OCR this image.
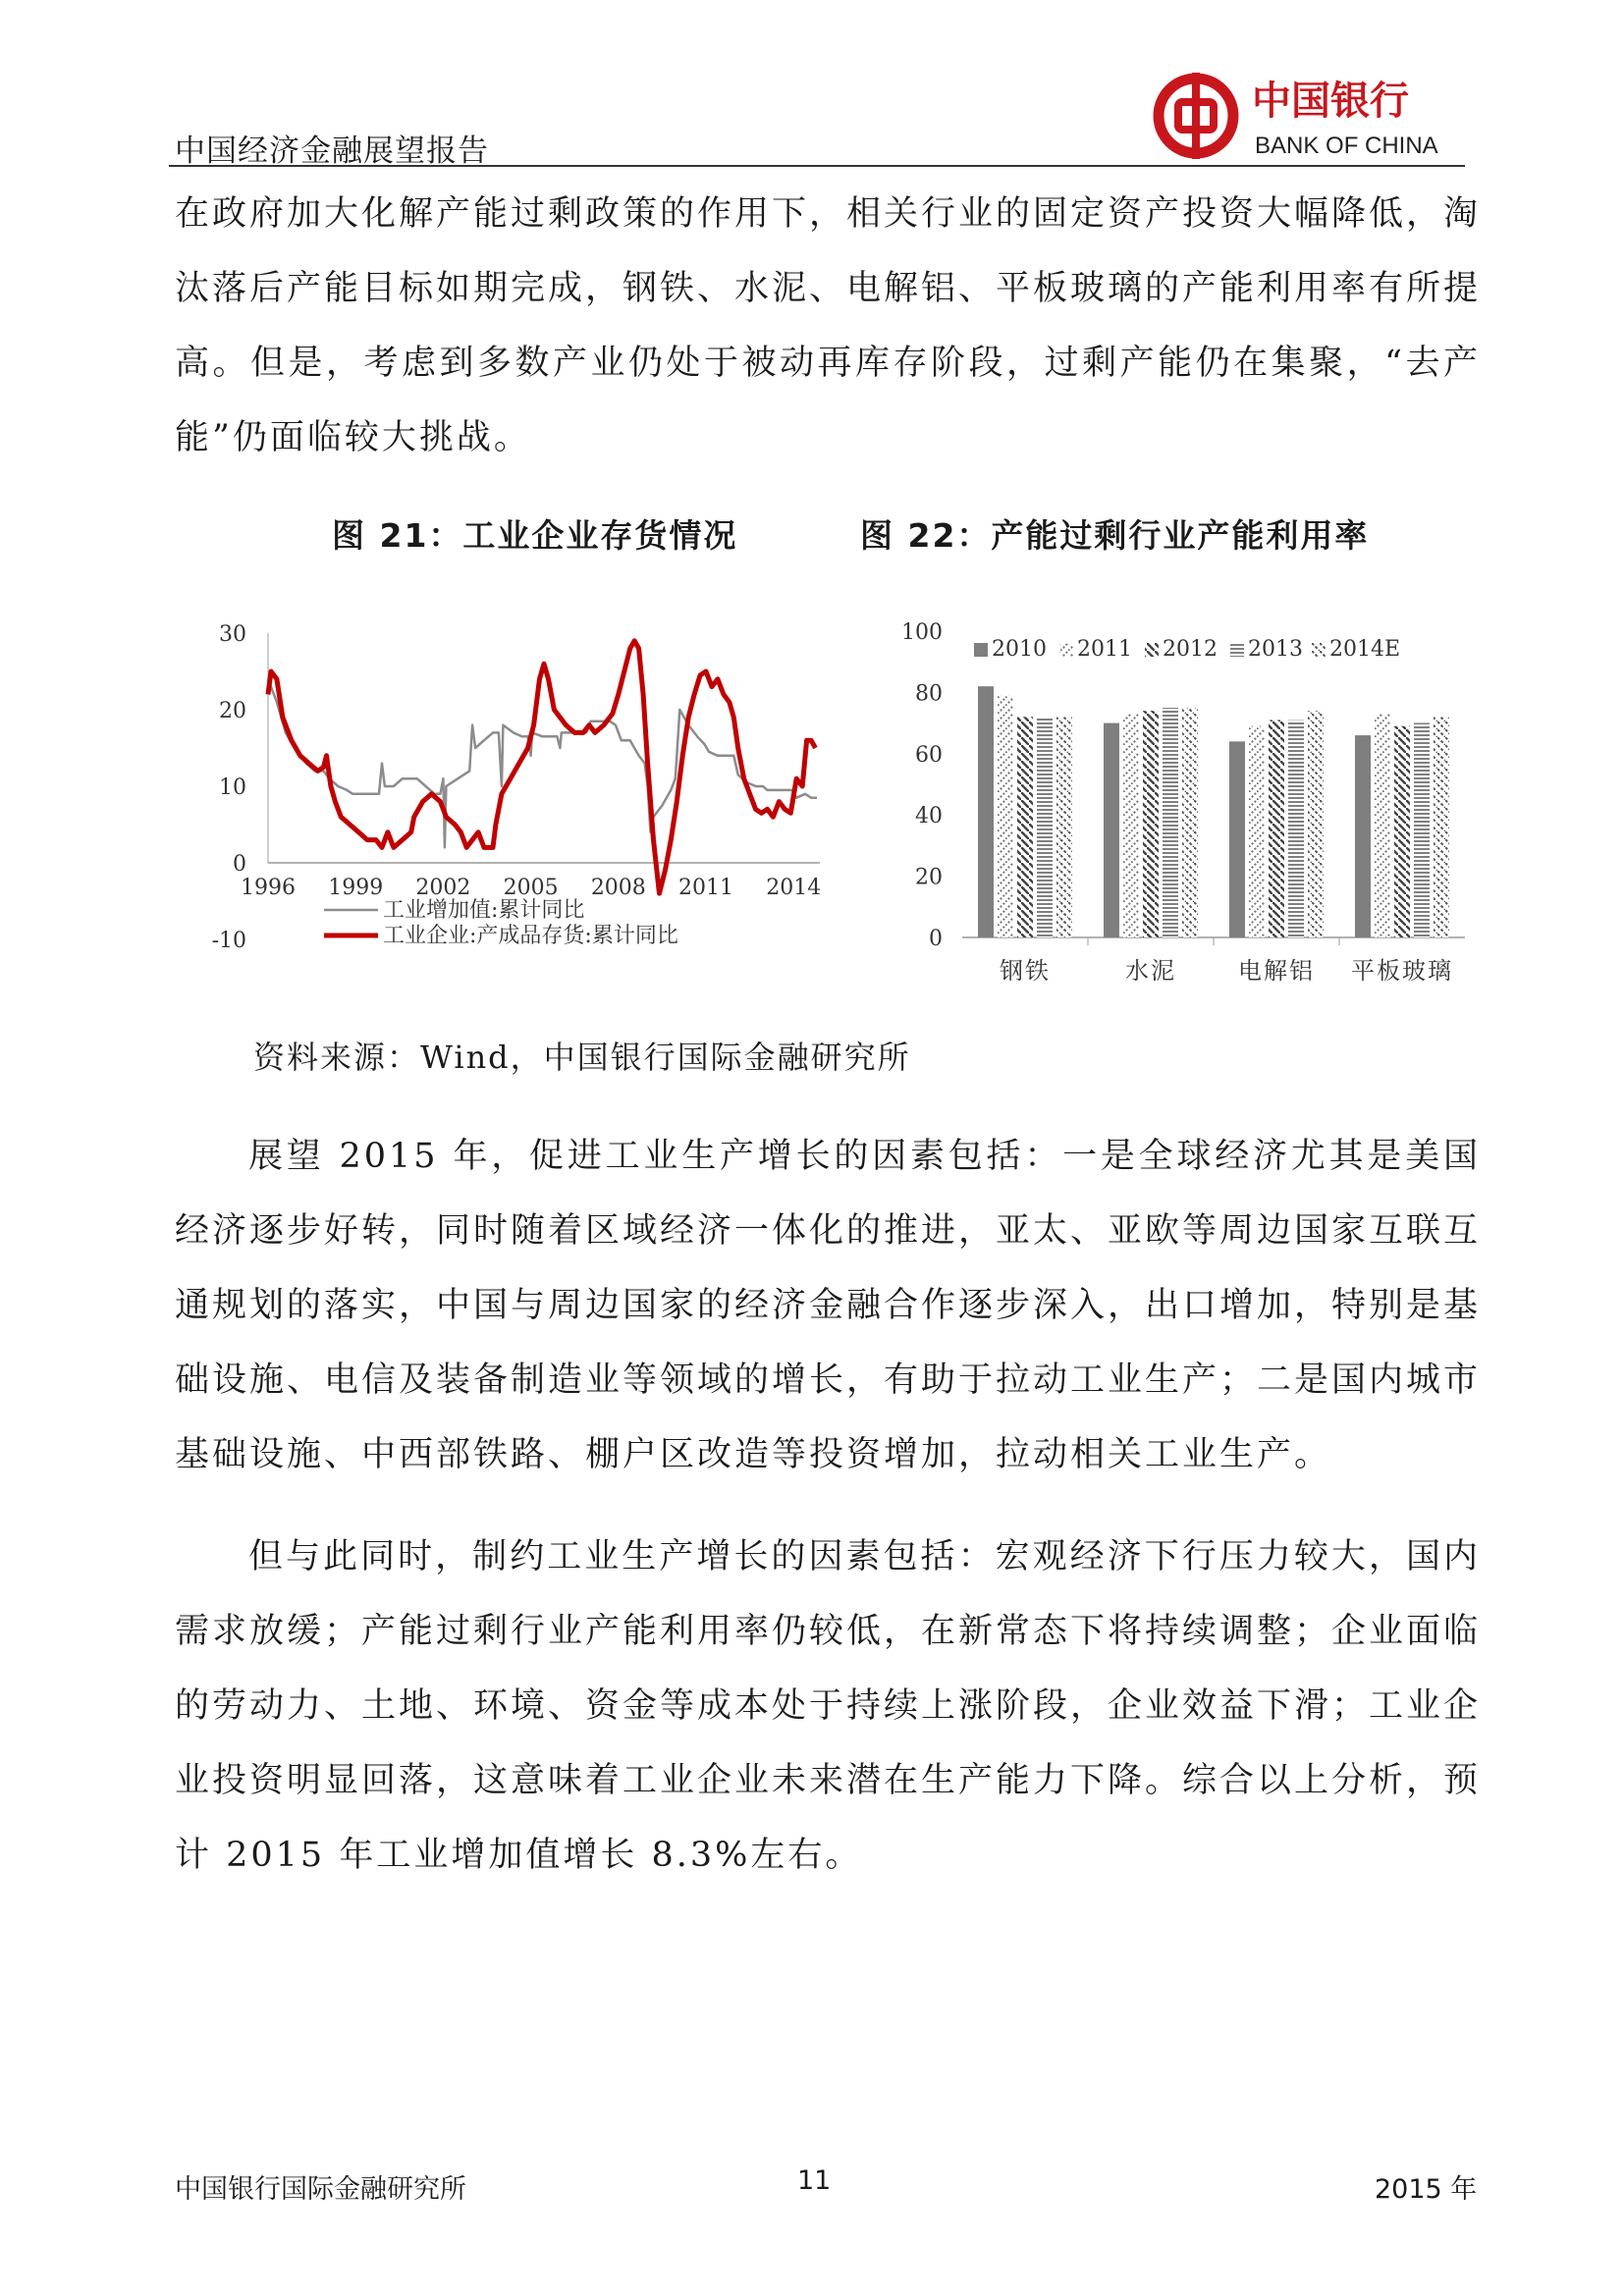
中国经济金融展望报告
中国银行
BANK OF CHINA

在政府加大化解产能过剩政策的作用下，相关行业的固定资产投资大幅降低，淘汰落后产能目标如期完成，钢铁、水泥、电解铝、平板玻璃的产能利用率有所提高。但是，考虑到多数产业仍处于被动再库存阶段，过剩产能仍在集聚，“去产能”仍面临较大挑战。

图 21：工业企业存货情况	图 22：产能过剩行业产能利用率
30
20
10
0
-10
1996 1999 2002 2005 2008 2011 2014
工业增加值:累计同比
工业企业:产成品存货:累计同比
100
80
60
40
20
0
钢铁	水泥	电解铝 平板玻璃
2010 2011 2012 2013 2014E
资料来源：Wind，中国银行国际金融研究所

展望 2015 年，促进工业生产增长的因素包括：一是全球经济尤其是美国经济逐步好转，同时随着区域经济一体化的推进，亚太、亚欧等周边国家互联互通规划的落实，中国与周边国家的经济金融合作逐步深入，出口增加，特别是基础设施、电信及装备制造业等领域的增长，有助于拉动工业生产；二是国内城市基础设施、中西部铁路、棚户区改造等投资增加，拉动相关工业生产。

但与此同时，制约工业生产增长的因素包括：宏观经济下行压力较大，国内需求放缓；产能过剩行业产能利用率仍较低，在新常态下将持续调整；企业面临的劳动力、土地、环境、资金等成本处于持续上涨阶段，企业效益下滑；工业企业投资明显回落，这意味着工业企业未来潜在生产能力下降。综合以上分析，预计 2015 年工业增加值增长 8.3%左右。

中国银行国际金融研究所	11	2015 年
